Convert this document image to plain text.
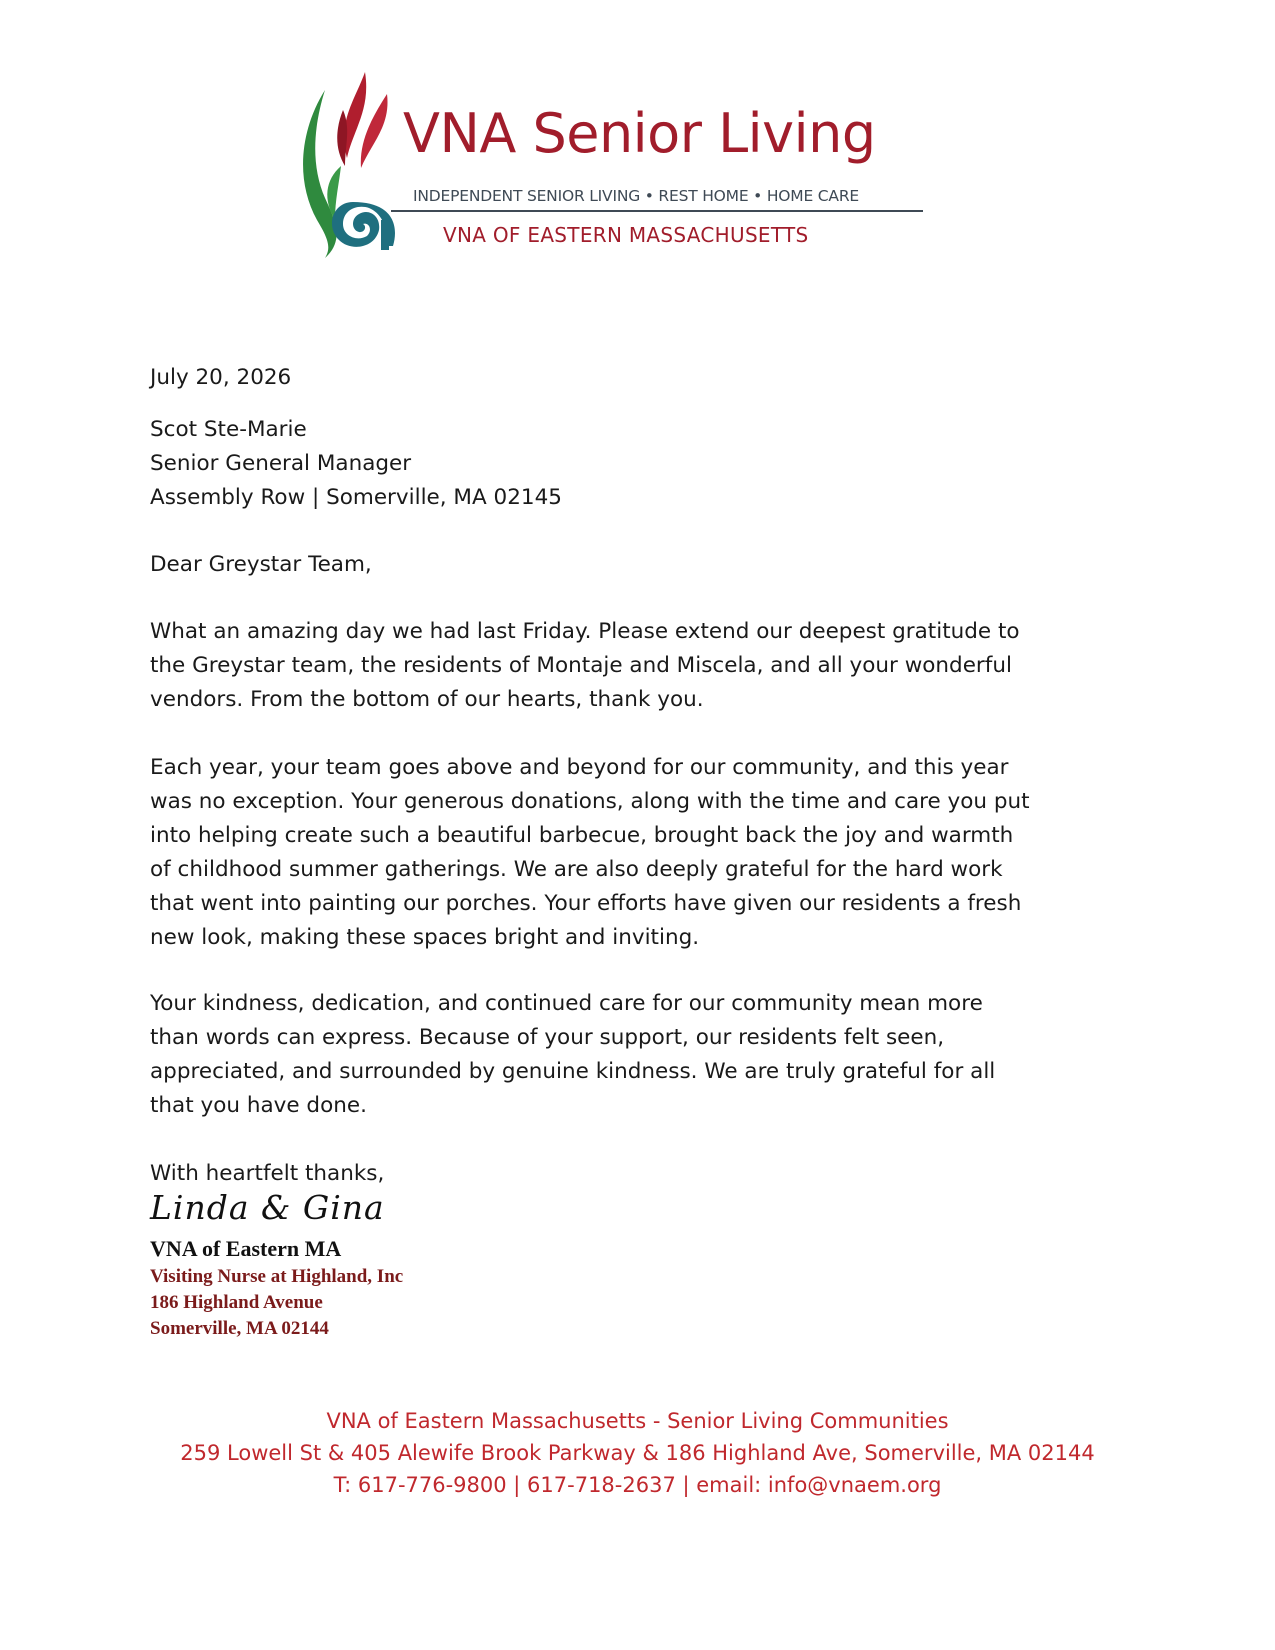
VNA Senior Living
INDEPENDENT SENIOR LIVING • REST HOME • HOME CARE
VNA OF EASTERN MASSACHUSETTS
July 20, 2026
Scot Ste-Marie
Senior General Manager
Assembly Row | Somerville, MA 02145
Dear Greystar Team,
What an amazing day we had last Friday. Please extend our deepest gratitude to
the Greystar team, the residents of Montaje and Miscela, and all your wonderful
vendors. From the bottom of our hearts, thank you.
Each year, your team goes above and beyond for our community, and this year
was no exception. Your generous donations, along with the time and care you put
into helping create such a beautiful barbecue, brought back the joy and warmth
of childhood summer gatherings. We are also deeply grateful for the hard work
that went into painting our porches. Your efforts have given our residents a fresh
new look, making these spaces bright and inviting.
Your kindness, dedication, and continued care for our community mean more
than words can express. Because of your support, our residents felt seen,
appreciated, and surrounded by genuine kindness. We are truly grateful for all
that you have done.
With heartfelt thanks,
Linda & Gina
VNA of Eastern MA
Visiting Nurse at Highland, Inc
186 Highland Avenue
Somerville, MA 02144
VNA of Eastern Massachusetts - Senior Living Communities
259 Lowell St & 405 Alewife Brook Parkway & 186 Highland Ave, Somerville, MA 02144
T: 617-776-9800 | 617-718-2637 | email: info@vnaem.org
